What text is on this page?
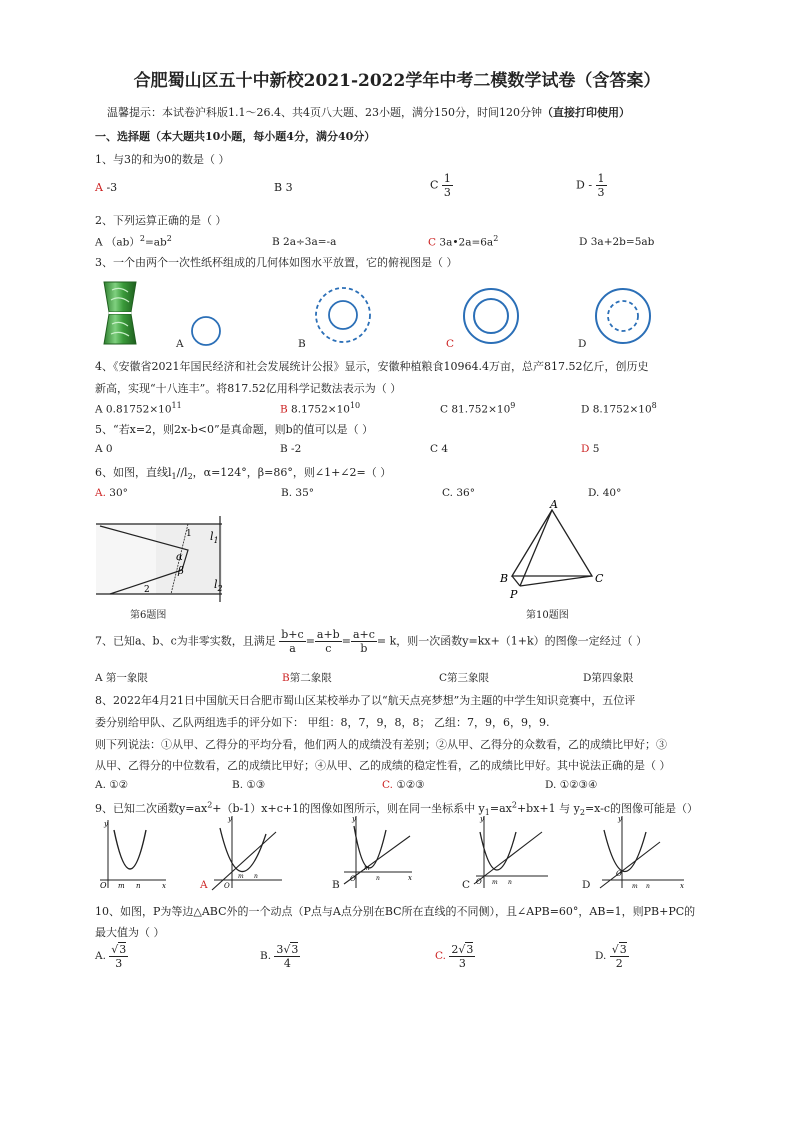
合肥蜀山区五十中新校2021-2022学年中考二模数学试卷（含答案）
温馨提示：本试卷沪科版1.1～26.4、共4页八大题、23小题，满分150分，时间120分钟（直接打印使用）
一、选择题（本大题共10小题，每小题4分，满分40分）
1、与3的和为0的数是（ ）
A -3	B 3	C $\frac{1}{3}$	D - $\frac{1}{3}$
2、下列运算正确的是（ ）
A $(ab)^2=ab^2$	B 2a÷3a=-a	C $3a•2a=6a^2$	D 3a+2b=5ab
3、一个由两个一次性纸杯组成的几何体如图水平放置，它的俯视图是（ ）
A	B	C	D
4、《安徽省2021年国民经济和社会发展统计公报》显示，安徽种植粮食10964.4万亩，总产817.52亿斤，创历史
新高，实现“十八连丰”。将817.52亿用科学记数法表示为（ ）
A $0.81752\times 10^{11}$	B $8.1752\times 10^{10}$	C $81.752\times 10^9$	D $8.1752\times 10^8$
5、“若x=2，则2x-b<0”是真命题，则b的值可以是（ ）
A 0	B -2	C 4	D 5
6、如图，直线$l_1//l_2$，α=124°，β=86°，则∠1+∠2=（ ）
A. 30°	B. 35°	C. 36°	D. 40°
$l_1$
$l_2$
α
β
1
2
第6题图
A
B	C
P
第10题图
7、已知a、b、c为非零实数，且满足 $\frac{b+c}{a} = \frac{a+b}{c} = \frac{a+c}{b} = k$，则一次函数y=kx+（1+k）的图像一定经过（ ）
A 第一象限	B第二象限	C第三象限	D第四象限
8、2022年4月21日中国航天日合肥市蜀山区某校举办了以“航天点亮梦想”为主题的中学生知识竞赛中，五位评
委分别给甲队、乙队两组选手的评分如下： 甲组：8，7，9，8，8； 乙组：7，9，6，9，9.
则下列说法：①从甲、乙得分的平均分看，他们两人的成绩没有差别；②从甲、乙得分的众数看，乙的成绩比甲好；③
从甲、乙得分的中位数看，乙的成绩比甲好；④从甲、乙的成绩的稳定性看，乙的成绩比甲好。其中说法正确的是（ ）
A. ①②	B. ①③	C. ①②③	D. ①②③④
9、已知二次函数$y=ax^2+(b-1)x+c+1$的图像如图所示，则在同一坐标系中 $y_1=ax^2+bx+1$ 与 $y_2=x-c$的图像可能是（）
y
x
O m n
y
O
m n
A
y
x
O
m
n
B
y
O m n
C
y
x
O
m n
D
10、如图，P为等边△ABC外的一个动点（P点与A点分别在BC所在直线的不同侧），且∠APB=60°，AB=1，则PB+PC的
最大值为（ ）
A. $\frac{√3}{3}$	B. $\frac{3√3}{4}$	C. $\frac{2√3}{3}$	D. $\frac{√3}{2}$
